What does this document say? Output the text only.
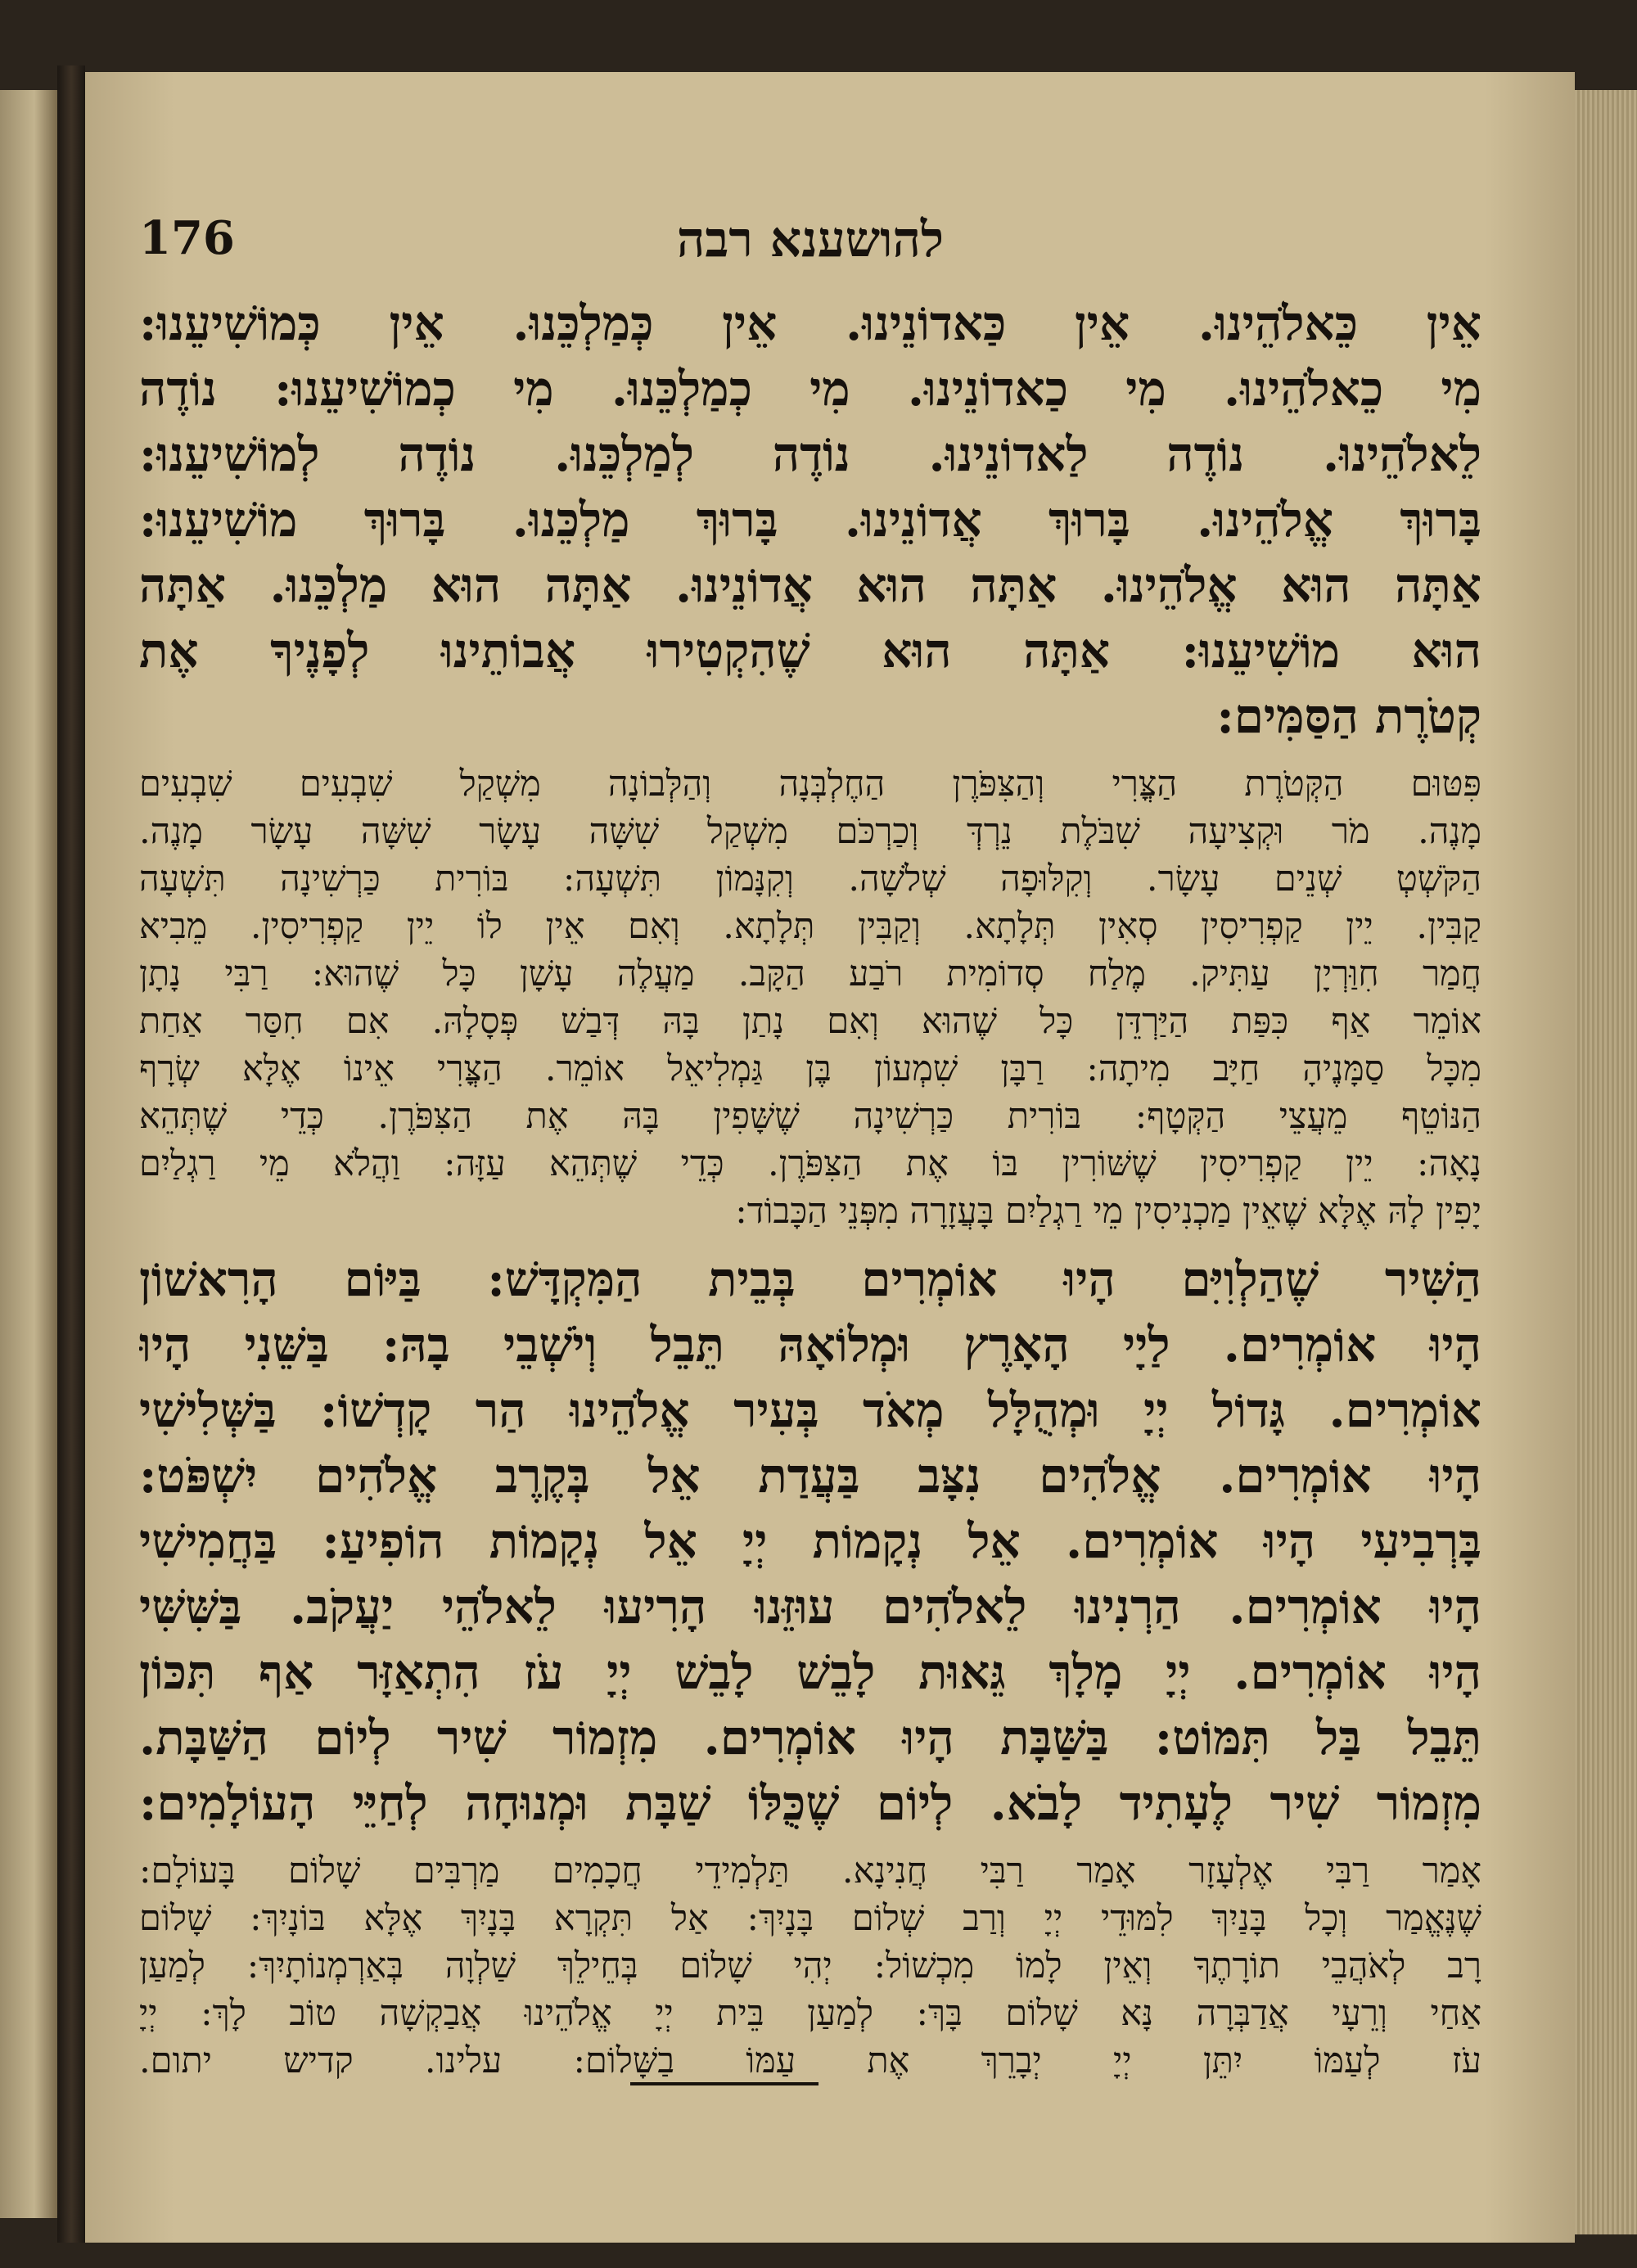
להושענא רבה
176
אֵין כֵּאלֹהֵינוּ. אֵין כַּאדוֹנֵינוּ. אֵין כְּמַלְכֵּנוּ. אֵין כְּמוֹשִׁיעֵנוּ:
מִי כֵאלֹהֵינוּ. מִי כַאדוֹנֵינוּ. מִי כְמַלְכֵּנוּ. מִי כְמוֹשִׁיעֵנוּ: נוֹדֶה
לֵאלֹהֵינוּ. נוֹדֶה לַאדוֹנֵינוּ. נוֹדֶה לְמַלְכֵּנוּ. נוֹדֶה לְמוֹשִׁיעֵנוּ:
בָּרוּךְ אֱלֹהֵינוּ. בָּרוּךְ אֲדוֹנֵינוּ. בָּרוּךְ מַלְכֵּנוּ. בָּרוּךְ מוֹשִׁיעֵנוּ:
אַתָּה הוּא אֱלֹהֵינוּ. אַתָּה הוּא אֲדוֹנֵינוּ. אַתָּה הוּא מַלְכֵּנוּ. אַתָּה
הוּא מוֹשִׁיעֵנוּ: אַתָּה הוּא שֶׁהִקְטִירוּ אֲבוֹתֵינוּ לְפָנֶיךָ אֶת
קְטֹרֶת הַסַּמִּים:
פִּטּוּם הַקְּטֹרֶת הַצֳּרִי וְהַצִּפֹּרֶן הַחֶלְבְּנָה וְהַלְּבוֹנָה מִשְׁקַל שִׁבְעִים שִׁבְעִים
מָנֶה. מֹר וּקְצִיעָה שִׁבֹּלֶת נֵרְדְּ וְכַרְכֹּם מִשְׁקַל שִׁשָּׁה עָשָׂר שִׁשָּׁה עָשָׂר מָנֶה.
הַקֹּשְׁטְ שְׁנֵים עָשָׂר. וְקִלּוּפָה שְׁלֹשָׁה. וְקִנָּמוֹן תִּשְׁעָה: בּוֹרִית כַּרְשִׁינָה תִּשְׁעָה
קַבִּין. יֵין קַפְרִיסִין סְאִין תְּלָתָא. וְקַבִּין תְּלָתָא. וְאִם אֵין לוֹ יֵין קַפְרִיסִין. מֵבִיא
חֲמַר חִוַּרְיָן עַתִּיק. מֶלַח סְדוֹמִית רֹבַע הַקָּב. מַעֲלֶה עָשָׁן כָּל שֶׁהוּא: רַבִּי נָתָן
אוֹמֵר אַף כִּפַּת הַיַּרְדֵּן כָּל שֶׁהוּא וְאִם נָתַן בָּהּ דְּבַשׁ פְּסָלָהּ. אִם חִסַּר אַחַת
מִכָּל סַמָּנֶיהָ חַיָּב מִיתָה: רַבָּן שִׁמְעוֹן בֶּן גַּמְלִיאֵל אוֹמֵר. הַצֳּרִי אֵינוֹ אֶלָּא שְׂרָף
הַנּוֹטֵף מֵעֲצֵי הַקְּטָף: בּוֹרִית כַּרְשִׁינָה שֶׁשָּׁפִין בָּהּ אֶת הַצִּפֹּרֶן. כְּדֵי שֶׁתְּהֵא
נָאָה: יֵין קַפְרִיסִין שֶׁשּׁוֹרִין בּוֹ אֶת הַצִּפֹּרֶן. כְּדֵי שֶׁתְּהֵא עַזָּה: וַהֲלֹא מֵי רַגְלַיִם
יָפִין לָהּ אֶלָּא שֶׁאֵין מַכְנִיסִין מֵי רַגְלַיִם בָּעֲזָרָה מִפְּנֵי הַכָּבוֹד:
הַשִּׁיר שֶׁהַלְוִיִּם הָיוּ אוֹמְרִים בְּבֵית הַמִּקְדָּשׁ: בַּיּוֹם הָרִאשׁוֹן
הָיוּ אוֹמְרִים. לַיָי הָאָרֶץ וּמְלוֹאָהּ תֵּבֵל וְיֹשְׁבֵי בָהּ: בַּשֵּׁנִי הָיוּ
אוֹמְרִים. גָּדוֹל יְיָ וּמְהֻלָּל מְאֹד בְּעִיר אֱלֹהֵינוּ הַר קָדְשׁוֹ: בַּשְּׁלִישִׁי
הָיוּ אוֹמְרִים. אֱלֹהִים נִצָּב בַּעֲדַת אֵל בְּקֶרֶב אֱלֹהִים יִשְׁפֹּט:
בָּרְבִיעִי הָיוּ אוֹמְרִים. אֵל נְקָמוֹת יְיָ אֵל נְקָמוֹת הוֹפִיעַ: בַּחֲמִישִׁי
הָיוּ אוֹמְרִים. הַרְנִינוּ לֵאלֹהִים עוּזֵּנוּ הָרִיעוּ לֵאלֹהֵי יַעֲקֹב. בַּשִּׁשִּׁי
הָיוּ אוֹמְרִים. יְיָ מָלָךְ גֵּאוּת לָבֵשׁ לָבֵשׁ יְיָ עֹז הִתְאַזָּר אַף תִּכּוֹן
תֵּבֵל בַּל תִּמּוֹט: בַּשַּׁבָּת הָיוּ אוֹמְרִים. מִזְמוֹר שִׁיר לְיוֹם הַשַּׁבָּת.
מִזְמוֹר שִׁיר לֶעָתִיד לָבֹא. לְיוֹם שֶׁכֻּלּוֹ שַׁבָּת וּמְנוּחָה לְחַיֵּי הָעוֹלָמִים:
אָמַר רַבִּי אֶלְעָזָר אָמַר רַבִּי חֲנִינָא. תַּלְמִידֵי חֲכָמִים מַרְבִּים שָׁלוֹם בָּעוֹלָם:
שֶׁנֶּאֱמַר וְכָל בָּנַיִךְ לִמּוּדֵי יְיָ וְרַב שְׁלוֹם בָּנָיִךְ: אַל תִּקְרָא בָּנָיִךְ אֶלָּא בּוֹנָיִךְ: שָׁלוֹם
רָב לְאֹהֲבֵי תוֹרָתֶךָ וְאֵין לָמוֹ מִכְשׁוֹל: יְהִי שָׁלוֹם בְּחֵילֵךְ שַׁלְוָה בְּאַרְמְנוֹתָיִךְ: לְמַעַן
אַחַי וְרֵעָי אֲדַבְּרָה נָּא שָׁלוֹם בָּךְ: לְמַעַן בֵּית יְיָ אֱלֹהֵינוּ אֲבַקְשָׁה טוֹב לָךְ: יְיָ
עֹז לְעַמּוֹ יִתֵּן יְיָ יְבָרֵךְ אֶת עַמּוֹ בַשָּׁלוֹם: עלינו. קדיש יתום.
